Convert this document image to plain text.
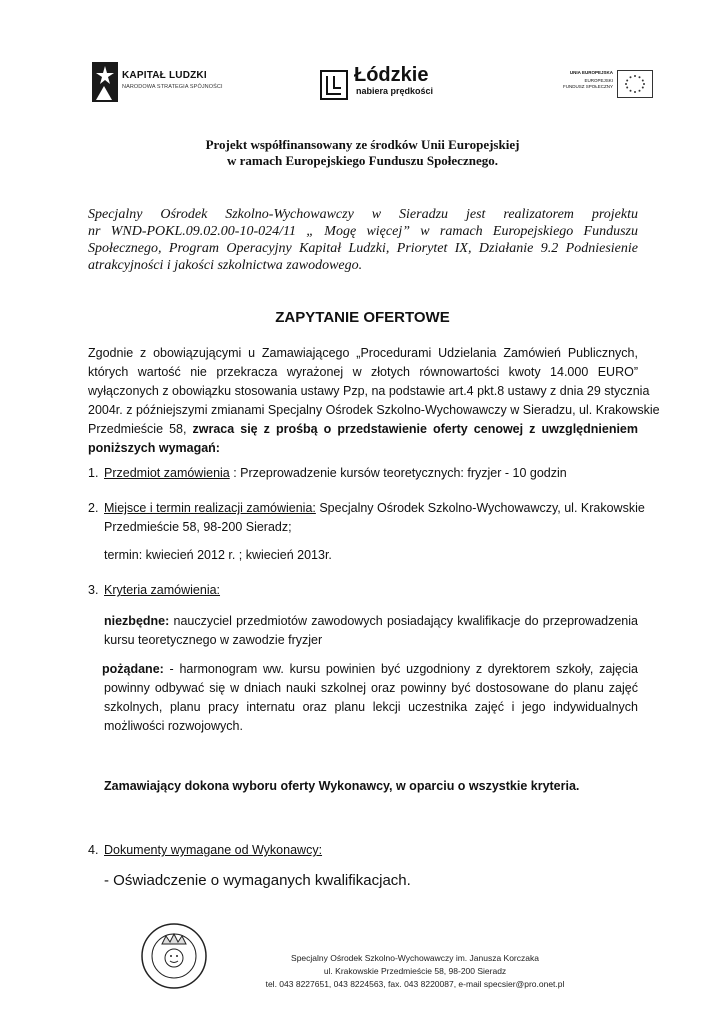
KAPITAŁ LUDZKI
NARODOWA STRATEGIA SPÓJNOŚCI
Łódzkie
nabiera prędkości
UNIA EUROPEJSKA
EUROPEJSKI
FUNDUSZ SPOŁECZNY
Projekt współfinansowany ze środków Unii Europejskiej
w ramach Europejskiego Funduszu Społecznego.
Specjalny Ośrodek Szkolno-Wychowawczy w Sieradzu jest realizatorem projektu
nr WND-POKL.09.02.00-10-024/11 „ Mogę więcej” w ramach Europejskiego Funduszu
Społecznego, Program Operacyjny Kapitał Ludzki, Priorytet IX, Działanie 9.2 Podniesienie
atrakcyjności i jakości szkolnictwa zawodowego.
ZAPYTANIE OFERTOWE
Zgodnie z obowiązującymi u Zamawiającego „Procedurami Udzielania Zamówień Publicznych,
których wartość nie przekracza wyrażonej w złotych równowartości kwoty 14.000 EURO”
wyłączonych z obowiązku stosowania ustawy Pzp, na podstawie art.4 pkt.8 ustawy z dnia 29 stycznia
2004r. z późniejszymi zmianami Specjalny Ośrodek Szkolno-Wychowawczy w Sieradzu, ul. Krakowskie
Przedmieście 58, zwraca się z prośbą o przedstawienie oferty cenowej z uwzględnieniem
poniższych wymagań:
1. Przedmiot zamówienia : Przeprowadzenie kursów teoretycznych: fryzjer - 10 godzin
2. Miejsce i termin realizacji zamówienia: Specjalny Ośrodek Szkolno-Wychowawczy, ul. Krakowskie
Przedmieście 58, 98-200 Sieradz;
termin: kwiecień 2012 r. ; kwiecień 2013r.
3. Kryteria zamówienia:
niezbędne: nauczyciel przedmiotów zawodowych posiadający kwalifikacje do przeprowadzenia
kursu teoretycznego w zawodzie fryzjer
pożądane: - harmonogram ww. kursu powinien być uzgodniony z dyrektorem szkoły, zajęcia
powinny odbywać się w dniach nauki szkolnej oraz powinny być dostosowane do planu zajęć
szkolnych, planu pracy internatu oraz planu lekcji uczestnika zajęć i jego indywidualnych
możliwości rozwojowych.
Zamawiający dokona wyboru oferty Wykonawcy, w oparciu o wszystkie kryteria.
4. Dokumenty wymagane od Wykonawcy:
- Oświadczenie o wymaganych kwalifikacjach.
Specjalny Ośrodek Szkolno-Wychowawczy im. Janusza Korczaka
ul. Krakowskie Przedmieście 58, 98-200 Sieradz
tel. 043 8227651, 043 8224563, fax. 043 8220087, e-mail specsier@pro.onet.pl
